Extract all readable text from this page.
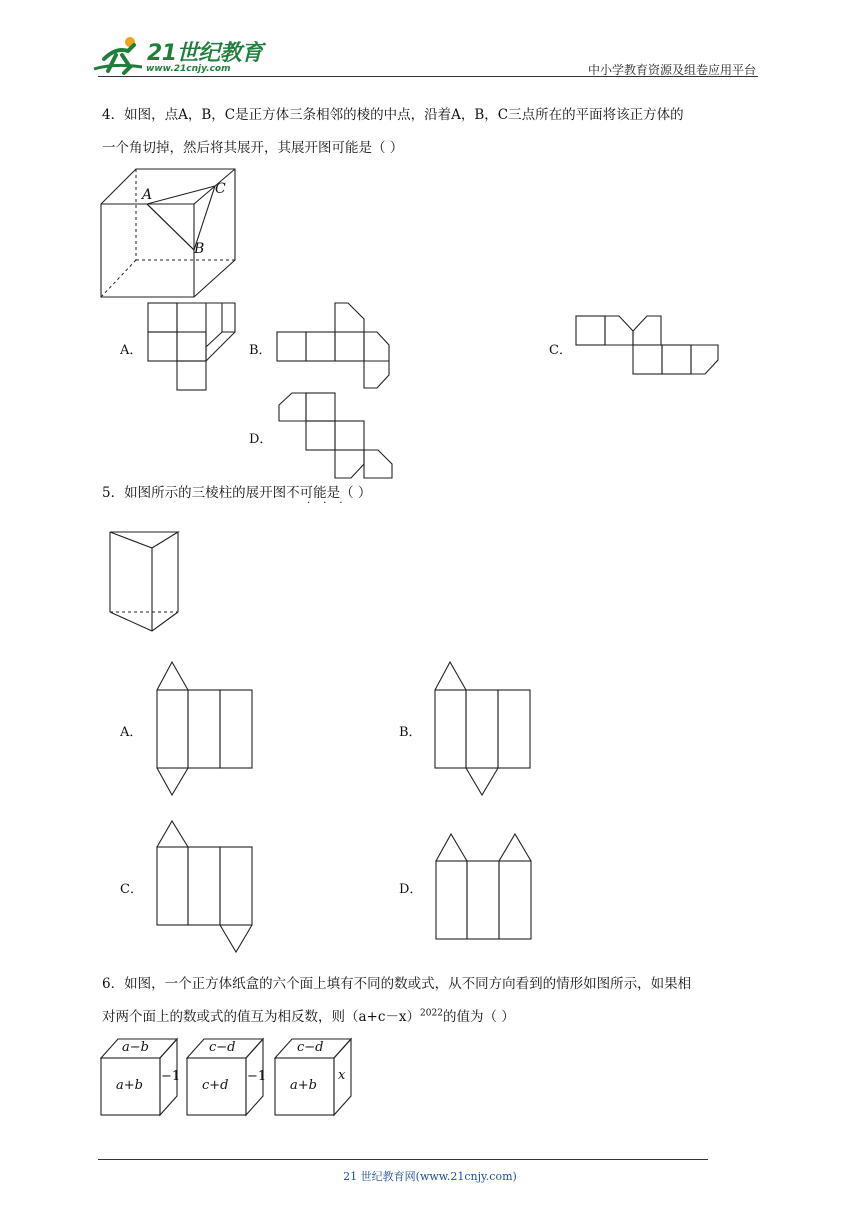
21世纪教育
www.21cnjy.com	中小学教育资源及组卷应用平台
4．如图，点A，B，C是正方体三条相邻的棱的中点，沿着A，B，C三点所在的平面将该正方体的
一个角切掉，然后将其展开，其展开图可能是（ ）
A
B
C
A．	B．	C．
D．
5．如图所示的三棱柱的展开图不可能是（ ）
···
A．	B．
C．	D．
6．如图，一个正方体纸盒的六个面上填有不同的数或式，从不同方向看到的情形如图所示，如果相
对两个面上的数或式的值互为相反数，则$(a+c-x)^{2022}$的值为（ ）
a−b
a+b
−1
c−d
c+d
−1
c−d
a+b
x
21 世纪教育网(www.21cnjy.com)
